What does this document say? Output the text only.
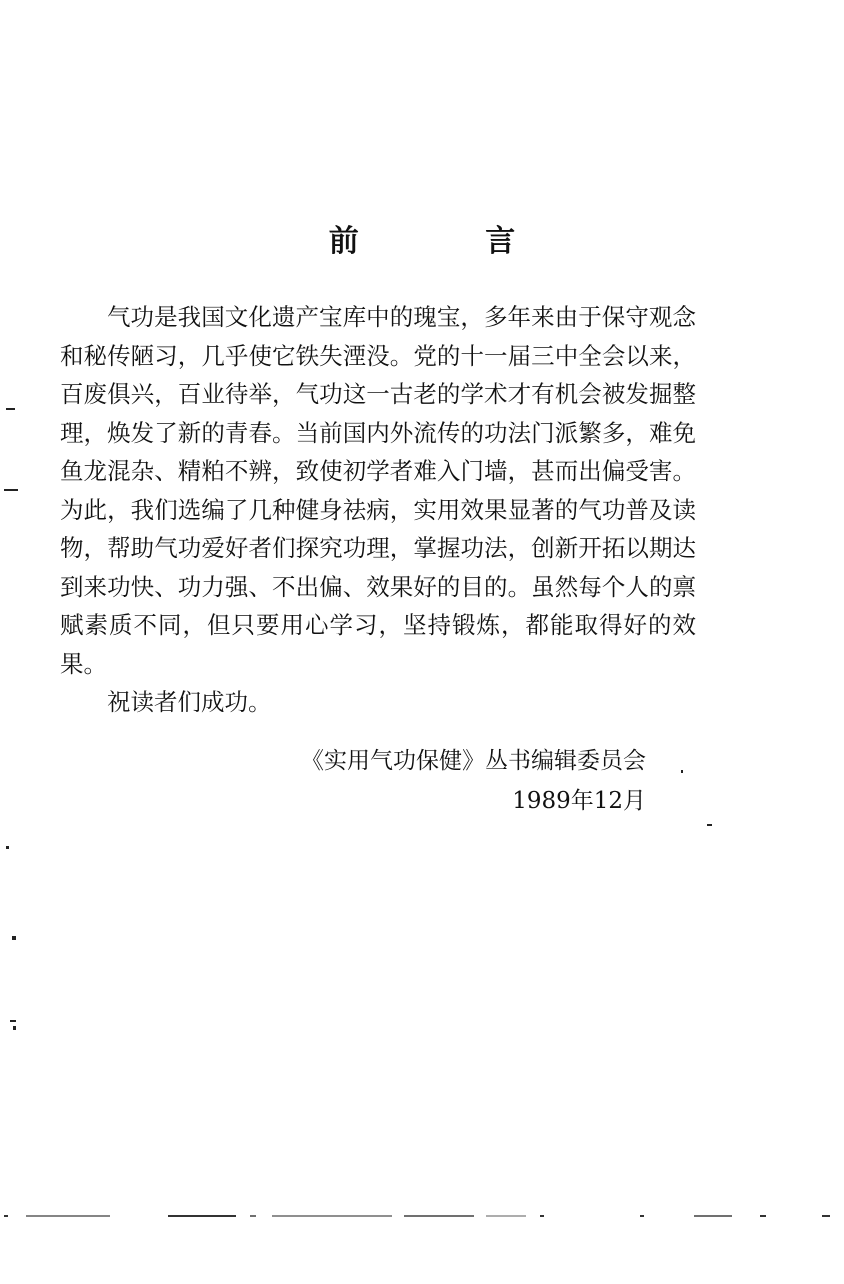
前 言

气功是我国文化遗产宝库中的瑰宝，多年来由于保守观念和秘传陋习，几乎使它铁失湮没。党的十一届三中全会以来，百废俱兴，百业待举，气功这一古老的学术才有机会被发掘整理，焕发了新的青春。当前国内外流传的功法门派繁多，难免鱼龙混杂、精粕不辨，致使初学者难入门墙，甚而出偏受害。为此，我们选编了几种健身祛病，实用效果显著的气功普及读物，帮助气功爱好者们探究功理，掌握功法，创新开拓以期达到来功快、功力强、不出偏、效果好的目的。虽然每个人的禀赋素质不同，但只要用心学习，坚持锻炼，都能取得好的效果。

祝读者们成功。

《实用气功保健》丛书编辑委员会
1989年12月
